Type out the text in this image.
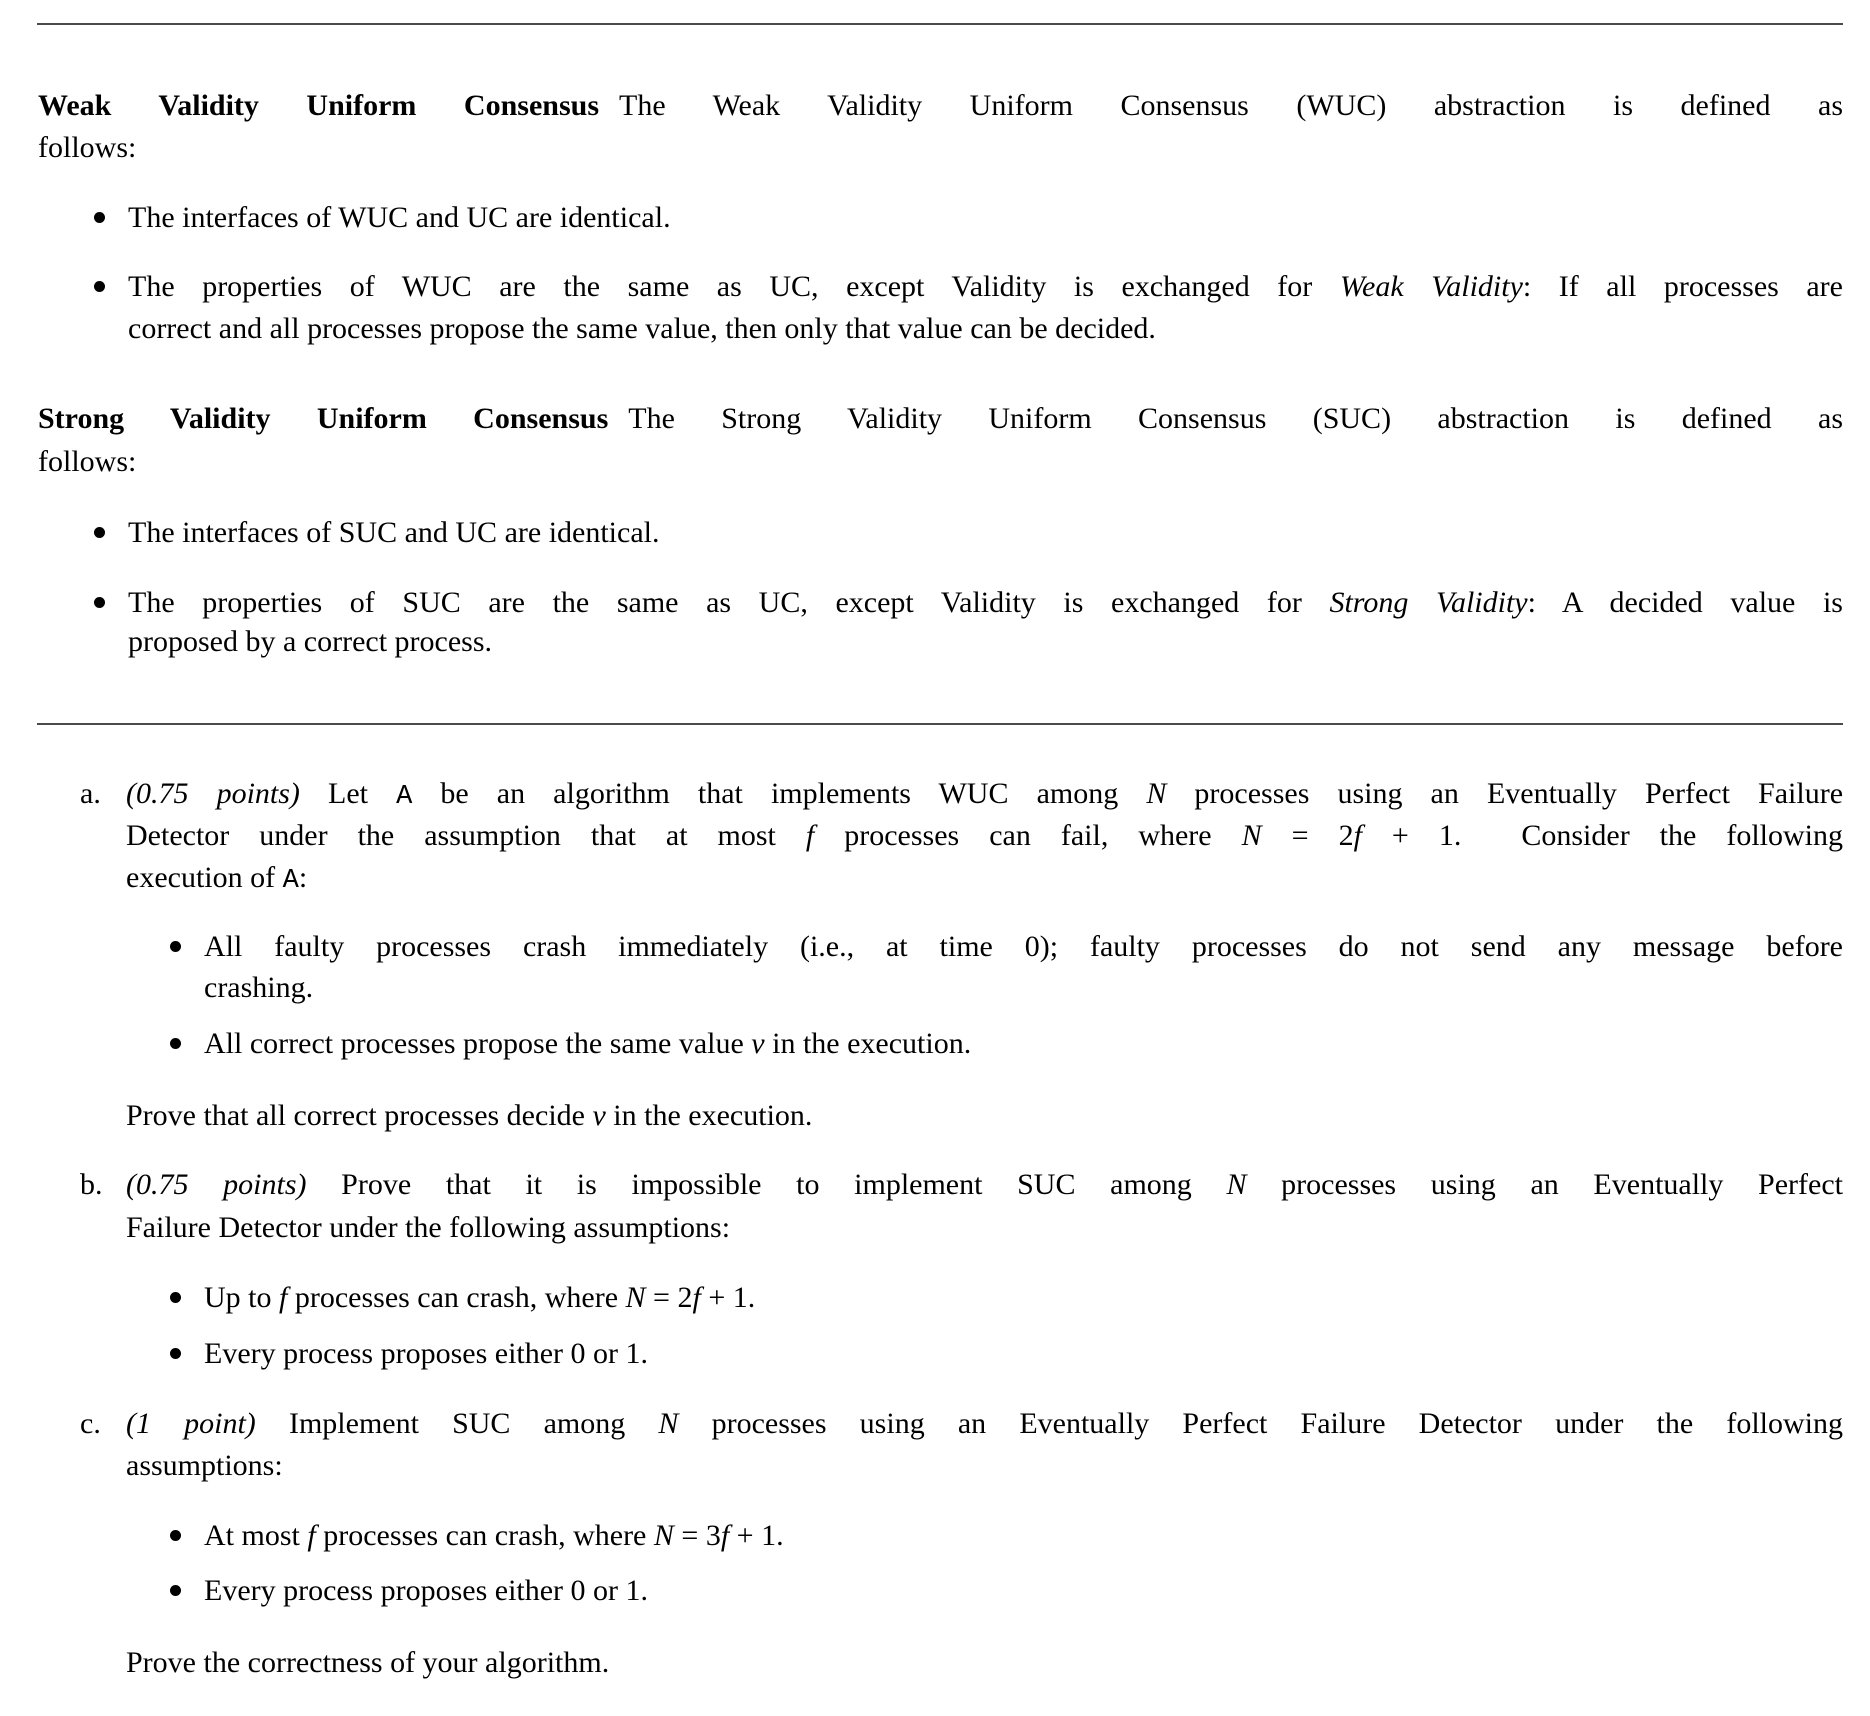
Weak Validity Uniform Consensus The Weak Validity Uniform Consensus (WUC) abstraction is defined as
follows:
The interfaces of WUC and UC are identical.
The properties of WUC are the same as UC, except Validity is exchanged for Weak Validity: If all processes are
correct and all processes propose the same value, then only that value can be decided.
Strong Validity Uniform Consensus The Strong Validity Uniform Consensus (SUC) abstraction is defined as
follows:
The interfaces of SUC and UC are identical.
The properties of SUC are the same as UC, except Validity is exchanged for Strong Validity: A decided value is
proposed by a correct process.
a. (0.75 points) Let A be an algorithm that implements WUC among N processes using an Eventually Perfect Failure
Detector under the assumption that at most f processes can fail, where N = 2f + 1.  Consider the following
execution of A:
All faulty processes crash immediately (i.e., at time 0); faulty processes do not send any message before
crashing.
All correct processes propose the same value v in the execution.
Prove that all correct processes decide v in the execution.
b. (0.75 points) Prove that it is impossible to implement SUC among N processes using an Eventually Perfect
Failure Detector under the following assumptions:
Up to f processes can crash, where N = 2f + 1.
Every process proposes either 0 or 1.
c. (1 point) Implement SUC among N processes using an Eventually Perfect Failure Detector under the following
assumptions:
At most f processes can crash, where N = 3f + 1.
Every process proposes either 0 or 1.
Prove the correctness of your algorithm.
